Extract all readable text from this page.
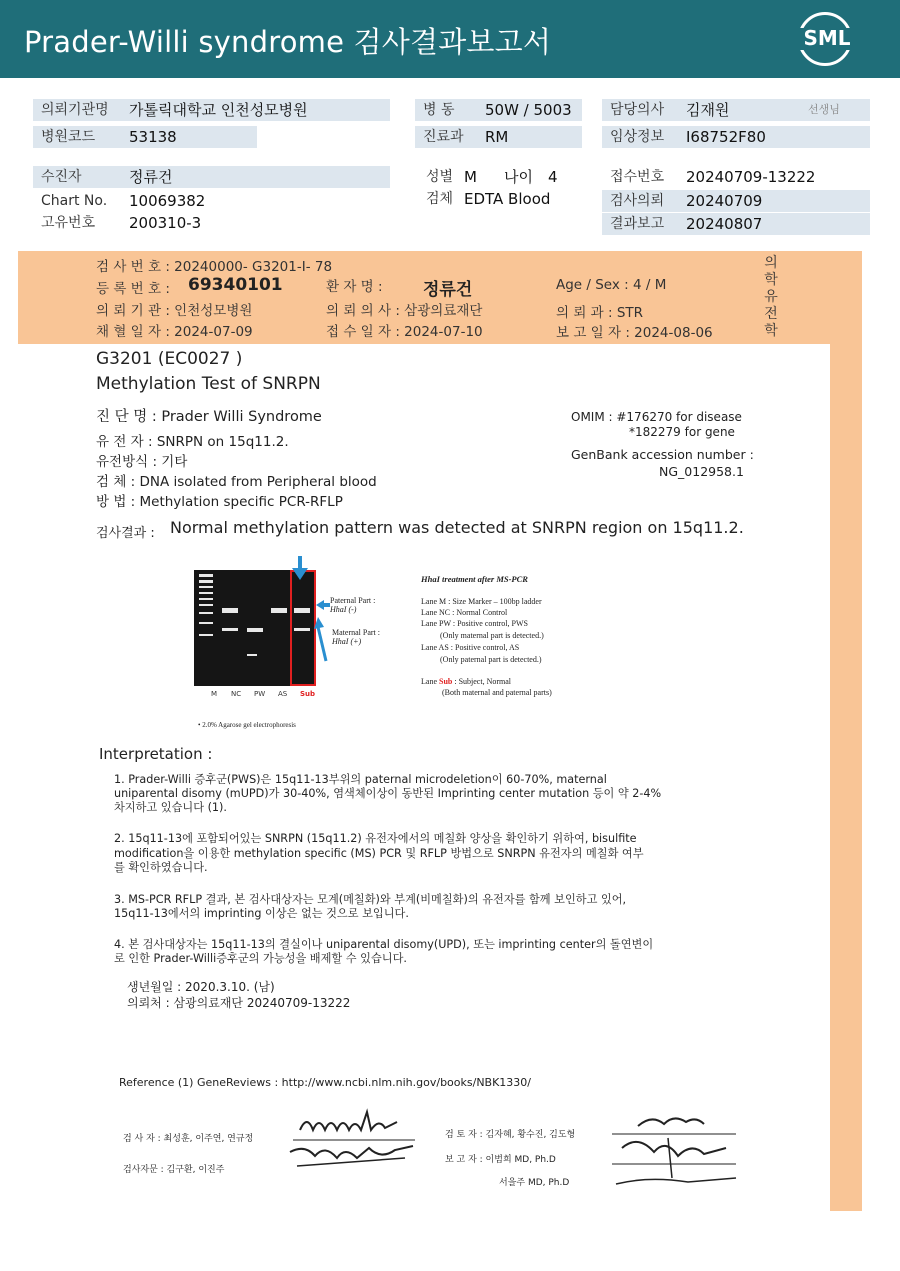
Prader-Willi syndrome 검사결과보고서	SML
의뢰기관명 가톨릭대학교 인천성모병원
병원코드 53138
병 동 50W / 5003
진료과 RM
담당의사 김재원	선생님
임상정보 I68752F80
수진자	정류건
Chart No. 10069382
고유번호 200310-3
성별 M 나이 4
검체 EDTA Blood
접수번호 20240709-13222
검사의뢰 20240709
결과보고 20240807
검 사 번 호 : 20240000- G3201-I- 78
등 록 번 호 : 69340101	환 자 명 : 정류건	Age / Sex : 4 / M
의 뢰 기 관 : 인천성모병원	의 뢰 의 사 : 삼광의료재단	의 뢰 과 : STR
채 혈 일 자 : 2024-07-09	접 수 일 자 : 2024-07-10	보 고 일 자 : 2024-08-06
의
학
유
전
학
G3201 (EC0027 )
Methylation Test of SNRPN
진 단 명 : Prader Willi Syndrome
유 전 자 : SNRPN on 15q11.2.
유전방식 : 기타
검 체 : DNA isolated from Peripheral blood
방 법 : Methylation specific PCR-RFLP
OMIM : #176270 for disease
*182279 for gene
GenBank accession number :
NG_012958.1
검사결과 : Normal methylation pattern was detected at SNRPN region on 15q11.2.
Paternal Part :
HhaI (-)
Maternal Part :
HhaI (+)
M NC PW AS Sub
HhaI treatment after MS-PCR
Lane M : Size Marker – 100bp ladder
Lane NC : Normal Control
Lane PW : Positive control, PWS
(Only maternal part is detected.)
Lane AS : Positive control, AS
(Only paternal part is detected.)
Lane Sub : Subject, Normal
(Both maternal and paternal parts)
• 2.0% Agarose gel electrophoresis
Interpretation :
1. Prader-Willi 증후군(PWS)은 15q11-13부위의 paternal microdeletion이 60-70%, maternal
uniparental disomy (mUPD)가 30-40%, 염색체이상이 동반된 Imprinting center mutation 등이 약 2-4%
차지하고 있습니다 (1).
2. 15q11-13에 포함되어있는 SNRPN (15q11.2) 유전자에서의 메칠화 양상을 확인하기 위하여, bisulfite
modification을 이용한 methylation specific (MS) PCR 및 RFLP 방법으로 SNRPN 유전자의 메칠화 여부
를 확인하였습니다.
3. MS-PCR RFLP 결과, 본 검사대상자는 모계(메칠화)와 부계(비메칠화)의 유전자를 함께 보인하고 있어,
15q11-13에서의 imprinting 이상은 없는 것으로 보입니다.
4. 본 검사대상자는 15q11-13의 결실이나 uniparental disomy(UPD), 또는 imprinting center의 돌연변이
로 인한 Prader-Willi증후군의 가능성을 배제할 수 있습니다.
생년월일 : 2020.3.10. (남)
의뢰처 : 삼광의료재단 20240709-13222
Reference (1) GeneReviews : http://www.ncbi.nlm.nih.gov/books/NBK1330/
검 사 자 : 최성훈, 이주연, 연규정
검사자문 : 김구환, 이진주
검 토 자 : 김자혜, 황수진, 김도형
보 고 자 : 이범희 MD, Ph.D
서을주 MD, Ph.D
